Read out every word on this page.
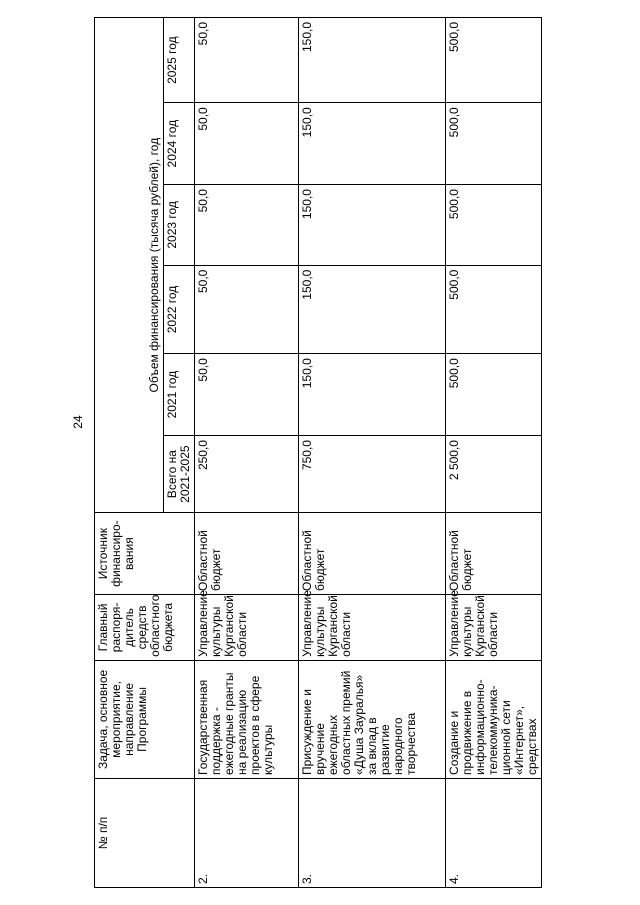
24
№ п/п	Задача, основное мероприятие, направление Программы	Главный распоря-дитель средств областного бюджета	Источник финансиро-вания	Объем финансирования (тысяча рублей), год					
				Всего на 2021-2025	2021 год	2022 год	2023 год	2024 год	2025 год
2.	Государственная поддержка - ежегодные гранты на реализацию проектов в сфере культуры	Управление культуры Курганской области	Областной бюджет	250,0	50,0	50,0	50,0	50,0	50,0
3.	Присуждение и вручение ежегодных областных премий «Душа Зауралья» за вклад в развитие народного творчества	Управление культуры Курганской области	Областной бюджет	750,0	150,0	150,0	150,0	150,0	150,0
4.	Создание и продвижение в информационно-телекоммуника-ционной сети «Интернет», средствах	Управление культуры Курганской области	Областной бюджет	2 500,0	500,0	500,0	500,0	500,0	500,0
